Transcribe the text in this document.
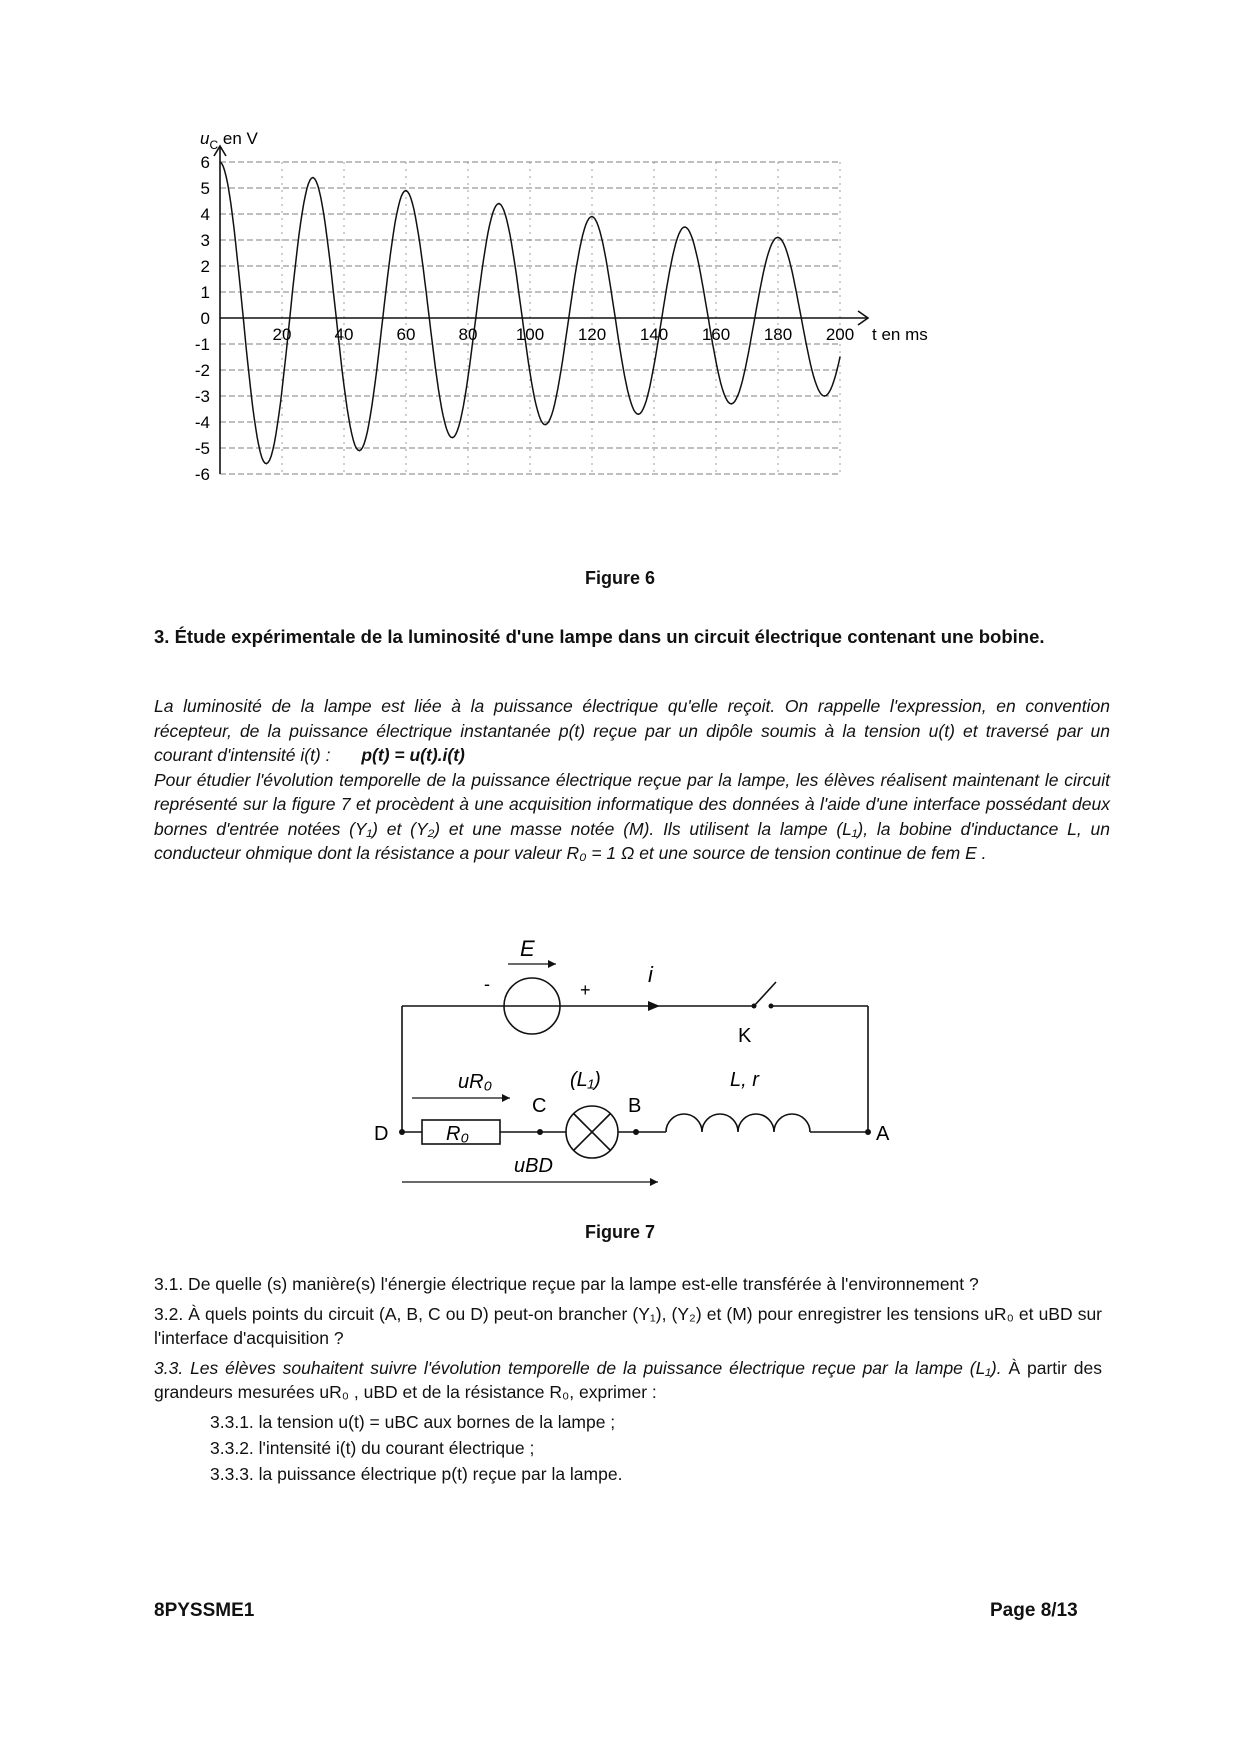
6
5
4
3
2
1
0
-1
-2
-3
-4
-5
-6
20	40	60	80 100 120 140 160 180 200
$u_C$ en V
t en ms
Figure 6
3. Étude expérimentale de la luminosité d'une lampe dans un circuit électrique contenant une bobine.

La luminosité de la lampe est liée à la puissance électrique qu'elle reçoit. On rappelle l'expression, en convention récepteur, de la puissance électrique instantanée p(t) reçue par un dipôle soumis à la tension u(t) et traversé par un courant d'intensité i(t) : p(t) = u(t).i(t)

Pour étudier l'évolution temporelle de la puissance électrique reçue par la lampe, les élèves réalisent maintenant le circuit représenté sur la figure 7 et procèdent à une acquisition informatique des données à l'aide d'une interface possédant deux bornes d'entrée notées (Y₁) et (Y₂) et une masse notée (M). Ils utilisent la lampe (L₁), la bobine d'inductance L, un conducteur ohmique dont la résistance a pour valeur R₀ = 1 Ω et une source de tension continue de fem E .

E
-	+
i
K
R₀
uR₀
C
(L₁)
B
L, r
D	A
uBD
Figure 7

3.1. De quelle (s) manière(s) l'énergie électrique reçue par la lampe est-elle transférée à l'environnement ?

3.2. À quels points du circuit (A, B, C ou D) peut-on brancher (Y₁), (Y₂) et (M) pour enregistrer les tensions uR₀ et uBD sur l'interface d'acquisition ?

3.3. Les élèves souhaitent suivre l'évolution temporelle de la puissance électrique reçue par la lampe (L₁). À partir des grandeurs mesurées uR₀ , uBD et de la résistance R₀, exprimer :

3.3.1. la tension u(t) = uBC aux bornes de la lampe ;

3.3.2. l'intensité i(t) du courant électrique ;

3.3.3. la puissance électrique p(t) reçue par la lampe.

8PYSSME1	Page 8/13
